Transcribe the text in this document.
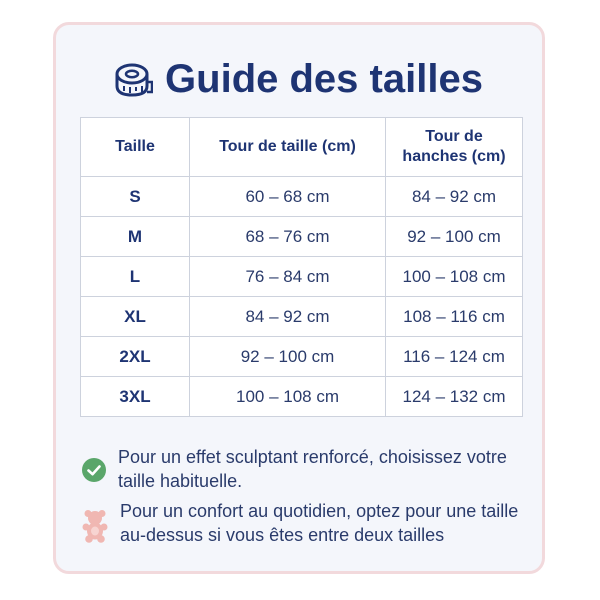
Guide des tailles
Taille	Tour de taille (cm)	Tour de hanches (cm)
S	60 – 68 cm	84 – 92 cm
M	68 – 76 cm	92 – 100 cm
L	76 – 84 cm	100 – 108 cm
XL	84 – 92 cm	108 – 116 cm
2XL	92 – 100 cm	116 – 124 cm
3XL	100 – 108 cm	124 – 132 cm
Pour un effet sculptant renforcé, choisissez votre taille habituelle.
Pour un confort au quotidien, optez pour une taille au-dessus si vous êtes entre deux tailles
